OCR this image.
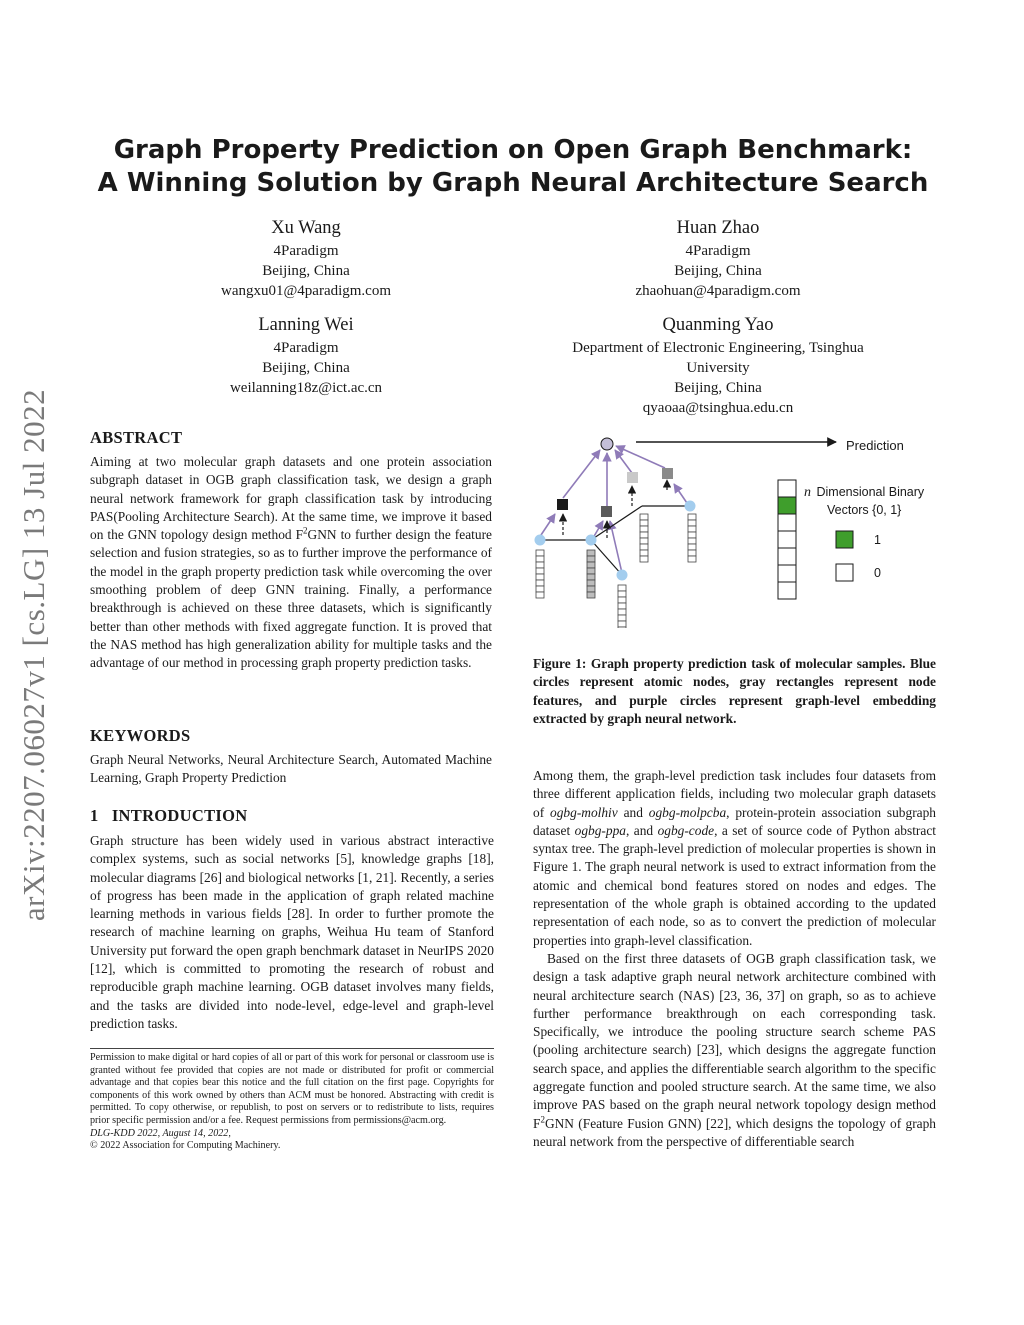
arXiv:2207.06027v1 [cs.LG] 13 Jul 2022
Graph Property Prediction on Open Graph Benchmark:
A Winning Solution by Graph Neural Architecture Search
Xu Wang
4Paradigm
Beijing, China
wangxu01@4paradigm.com
Huan Zhao
4Paradigm
Beijing, China
zhaohuan@4paradigm.com
Lanning Wei
4Paradigm
Beijing, China
weilanning18z@ict.ac.cn
Quanming Yao
Department of Electronic Engineering, Tsinghua
University
Beijing, China
qyaoaa@tsinghua.edu.cn
ABSTRACT

Aiming at two molecular graph datasets and one protein association subgraph dataset in OGB graph classification task, we design a graph neural network framework for graph classification task by introducing PAS(Pooling Architecture Search). At the same time, we improve it based on the GNN topology design method $F^2GNN$ to further design the feature selection and fusion strategies, so as to further improve the performance of the model in the graph property prediction task while overcoming the over smoothing problem of deep GNN training. Finally, a performance breakthrough is achieved on these three datasets, which is significantly better than other methods with fixed aggregate function. It is proved that the NAS method has high generalization ability for multiple tasks and the advantage of our method in processing graph property prediction tasks.

KEYWORDS
Graph Neural Networks, Neural Architecture Search, Automated Machine Learning, Graph Property Prediction
1   INTRODUCTION
Graph structure has been widely used in various abstract interactive complex systems, such as social networks [5], knowledge graphs [18], molecular diagrams [26] and biological networks [1, 21]. Recently, a series of progress has been made in the application of graph related machine learning methods in various fields [28]. In order to further promote the research of machine learning on graphs, Weihua Hu team of Stanford University put forward the open graph benchmark dataset in NeurIPS 2020 [12], which is committed to promoting the research of robust and reproducible graph machine learning. OGB dataset involves many fields, and the tasks are divided into node-level, edge-level and graph-level prediction tasks.

Permission to make digital or hard copies of all or part of this work for personal or classroom use is granted without fee provided that copies are not made or distributed for profit or commercial advantage and that copies bear this notice and the full citation on the first page. Copyrights for components of this work owned by others than ACM must be honored. Abstracting with credit is permitted. To copy otherwise, or republish, to post on servers or to redistribute to lists, requires prior specific permission and/or a fee. Request permissions from permissions@acm.org.

DLG-KDD 2022, August 14, 2022,

© 2022 Association for Computing Machinery.

Prediction
n Dimensional Binary
Vectors {0, 1}
1
0
Figure 1: Graph property prediction task of molecular samples. Blue circles represent atomic nodes, gray rectangles represent node features, and purple circles represent graph-level embedding extracted by graph neural network.

Among them, the graph-level prediction task includes four datasets from three different application fields, including two molecular graph datasets of ogbg-molhiv and ogbg-molpcba, protein-protein association subgraph dataset ogbg-ppa, and ogbg-code, a set of source code of Python abstract syntax tree. The graph-level prediction of molecular properties is shown in Figure 1. The graph neural network is used to extract information from the atomic and chemical bond features stored on nodes and edges. The representation of the whole graph is obtained according to the updated representation of each node, so as to convert the prediction of molecular properties into graph-level classification.

Based on the first three datasets of OGB graph classification task, we design a task adaptive graph neural network architecture combined with neural architecture search (NAS) [23, 36, 37] on graph, so as to achieve further performance breakthrough on each corresponding task. Specifically, we introduce the pooling structure search scheme PAS (pooling architecture search) [23], which designs the aggregate function search space, and applies the differentiable search algorithm to the specific aggregate function and pooled structure search. At the same time, we also improve PAS based on the graph neural network topology design method $F^2GNN$ (Feature Fusion GNN) [22], which designs the topology of graph neural network from the perspective of differentiable search
